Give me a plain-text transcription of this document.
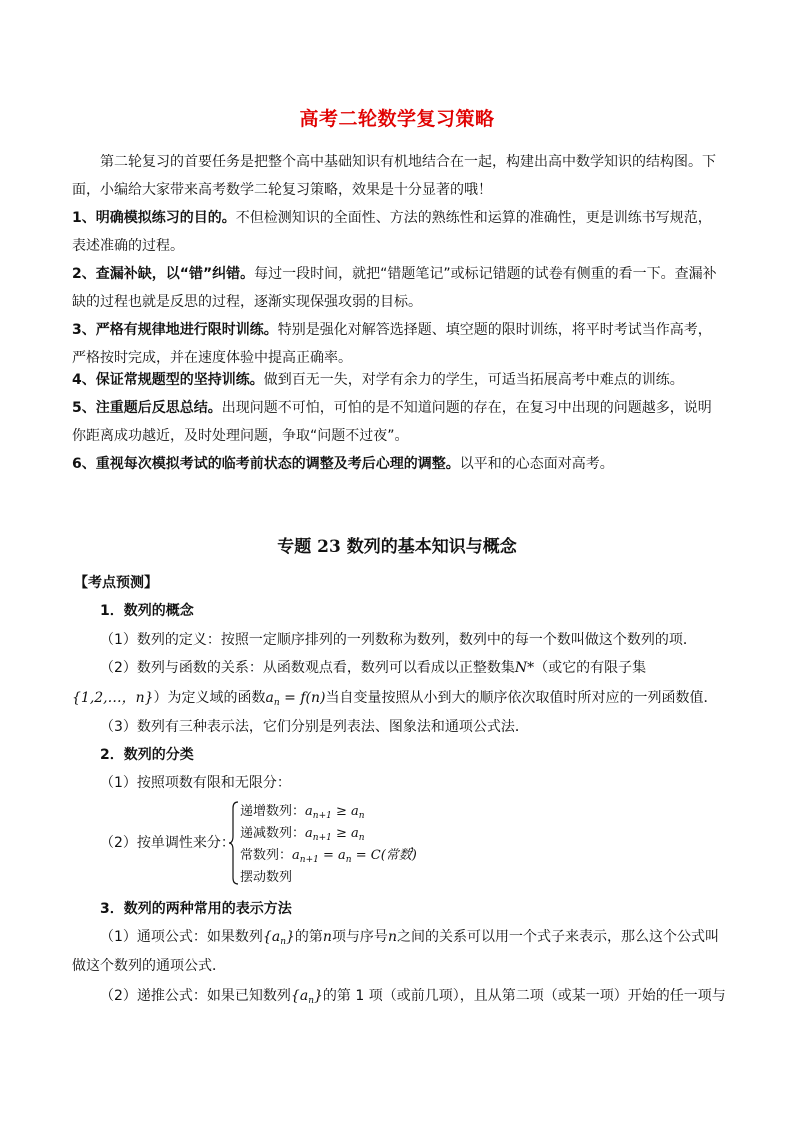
高考二轮数学复习策略

第二轮复习的首要任务是把整个高中基础知识有机地结合在一起，构建出高中数学知识的结构图。下面，小编给大家带来高考数学二轮复习策略，效果是十分显著的哦！

1、明确模拟练习的目的。不但检测知识的全面性、方法的熟练性和运算的准确性，更是训练书写规范，表述准确的过程。

2、查漏补缺，以“错”纠错。每过一段时间，就把“错题笔记”或标记错题的试卷有侧重的看一下。查漏补缺的过程也就是反思的过程，逐渐实现保强攻弱的目标。

3、严格有规律地进行限时训练。特别是强化对解答选择题、填空题的限时训练，将平时考试当作高考，严格按时完成，并在速度体验中提高正确率。

4、保证常规题型的坚持训练。做到百无一失，对学有余力的学生，可适当拓展高考中难点的训练。

5、注重题后反思总结。出现问题不可怕，可怕的是不知道问题的存在，在复习中出现的问题越多，说明你距离成功越近，及时处理问题，争取“问题不过夜”。

6、重视每次模拟考试的临考前状态的调整及考后心理的调整。以平和的心态面对高考。

专题 23 数列的基本知识与概念
【考点预测】
1．数列的概念
（1）数列的定义：按照一定顺序排列的一列数称为数列，数列中的每一个数叫做这个数列的项．
（2）数列与函数的关系：从函数观点看，数列可以看成以正整数集N*（或它的有限子集
{1,2,…，n}）为定义域的函数$a_n = f(n)$当自变量按照从小到大的顺序依次取值时所对应的一列函数值．
（3）数列有三种表示法，它们分别是列表法、图象法和通项公式法．
2．数列的分类
（1）按照项数有限和无限分：
（2）按单调性来分：
递增数列：$a_{n+1} \ge a_n$
递减数列：$a_{n+1} \ge a_n$
常数列：$a_{n+1} = a_n = C$(常数)
摆动数列
，
3．数列的两种常用的表示方法
（1）通项公式：如果数列$\{a_n\}$的第n项与序号n之间的关系可以用一个式子来表示，那么这个公式叫
做这个数列的通项公式．
（2）递推公式：如果已知数列$\{a_n\}$的第 1 项（或前几项），且从第二项（或某一项）开始的任一项与
